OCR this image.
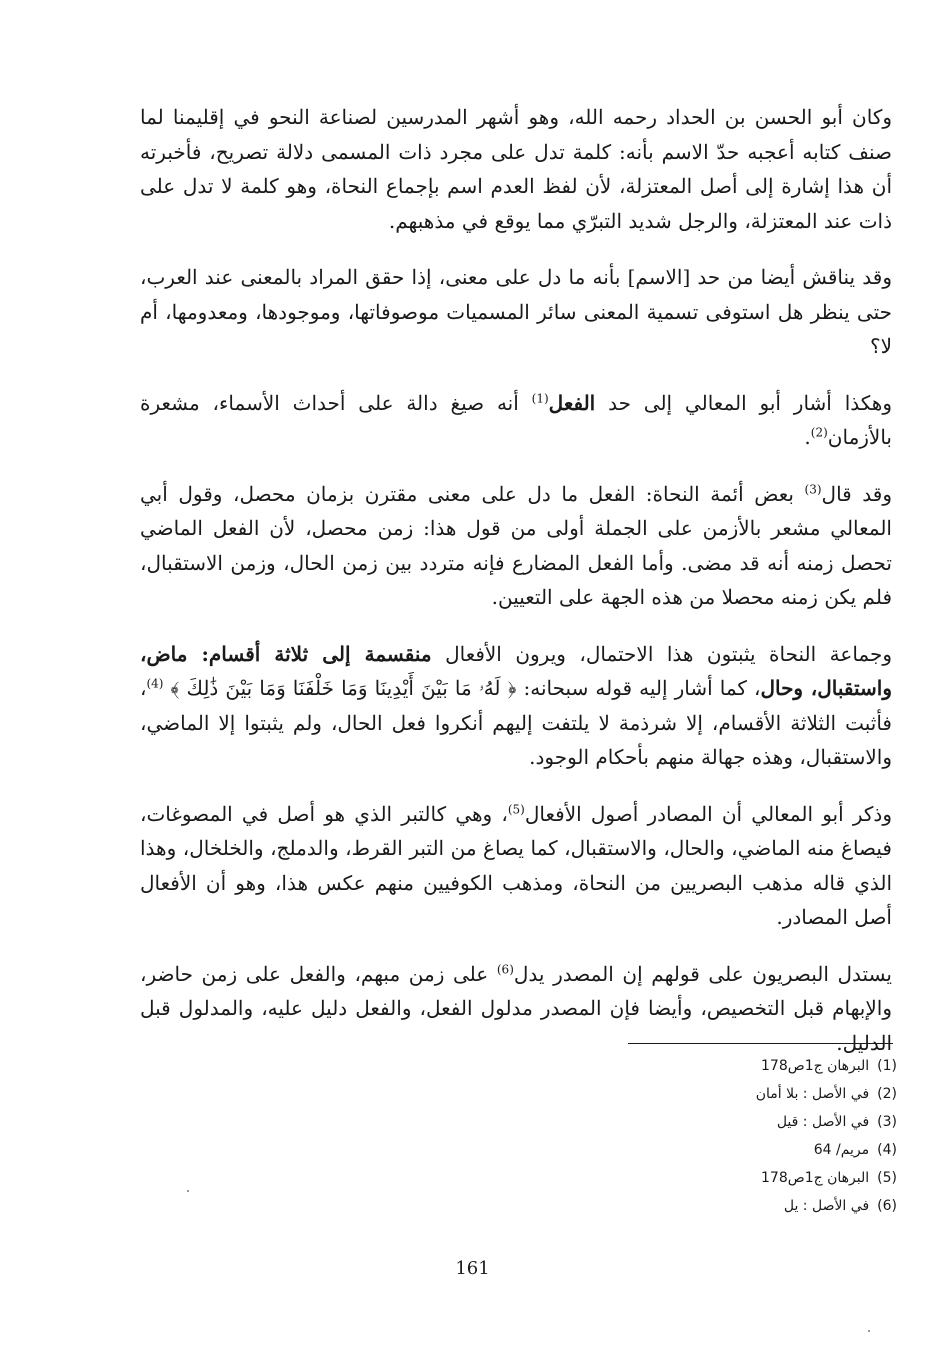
وكان أبو الحسن بن الحداد رحمه الله، وهو أشهر المدرسين لصناعة النحو في إقليمنا لما صنف كتابه أعجبه حدّ الاسم بأنه: كلمة تدل على مجرد ذات المسمى دلالة تصريح، فأخبرته أن هذا إشارة إلى أصل المعتزلة، لأن لفظ العدم اسم بإجماع النحاة، وهو كلمة لا تدل على ذات عند المعتزلة، والرجل شديد التبرّي مما يوقع في مذهبهم.

وقد يناقش أيضا من حد [الاسم] بأنه ما دل على معنى، إذا حقق المراد بالمعنى عند العرب، حتى ينظر هل استوفى تسمية المعنى سائر المسميات موصوفاتها، وموجودها، ومعدومها، أم لا؟

وهكذا أشار أبو المعالي إلى حد الفعل$^{(1)}$ أنه صيغ دالة على أحداث الأسماء، مشعرة بالأزمان$^{(2)}$.

وقد قال$^{(3)}$ بعض أئمة النحاة: الفعل ما دل على معنى مقترن بزمان محصل، وقول أبي المعالي مشعر بالأزمن على الجملة أولى من قول هذا: زمن محصل، لأن الفعل الماضي تحصل زمنه أنه قد مضى. وأما الفعل المضارع فإنه متردد بين زمن الحال، وزمن الاستقبال، فلم يكن زمنه محصلا من هذه الجهة على التعيين.

وجماعة النحاة يثبتون هذا الاحتمال، ويرون الأفعال منقسمة إلى ثلاثة أقسام: ماض، واستقبال، وحال، كما أشار إليه قوله سبحانه: ﴿ لَهُۥ مَا بَيْنَ أَيْدِينَا وَمَا خَلْفَنَا وَمَا بَيْنَ ذَٰلِكَ ﴾ $^{(4)}$، فأثبت الثلاثة الأقسام، إلا شرذمة لا يلتفت إليهم أنكروا فعل الحال، ولم يثبتوا إلا الماضي، والاستقبال، وهذه جهالة منهم بأحكام الوجود.

وذكر أبو المعالي أن المصادر أصول الأفعال$^{(5)}$، وهي كالتبر الذي هو أصل في المصوغات، فيصاغ منه الماضي، والحال، والاستقبال، كما يصاغ من التبر القرط، والدملج، والخلخال، وهذا الذي قاله مذهب البصريين من النحاة، ومذهب الكوفيين منهم عكس هذا، وهو أن الأفعال أصل المصادر.

يستدل البصريون على قولهم إن المصدر يدل$^{(6)}$ على زمن مبهم، والفعل على زمن حاضر، والإبهام قبل التخصيص، وأيضا فإن المصدر مدلول الفعل، والفعل دليل عليه، والمدلول قبل الدليل.

(1)البرهان ج1ص178
(2)في الأصل : بلا أمان
(3)في الأصل : قيل
(4)مريم/ 64
(5)البرهان ج1ص178
(6)في الأصل : يل
161
